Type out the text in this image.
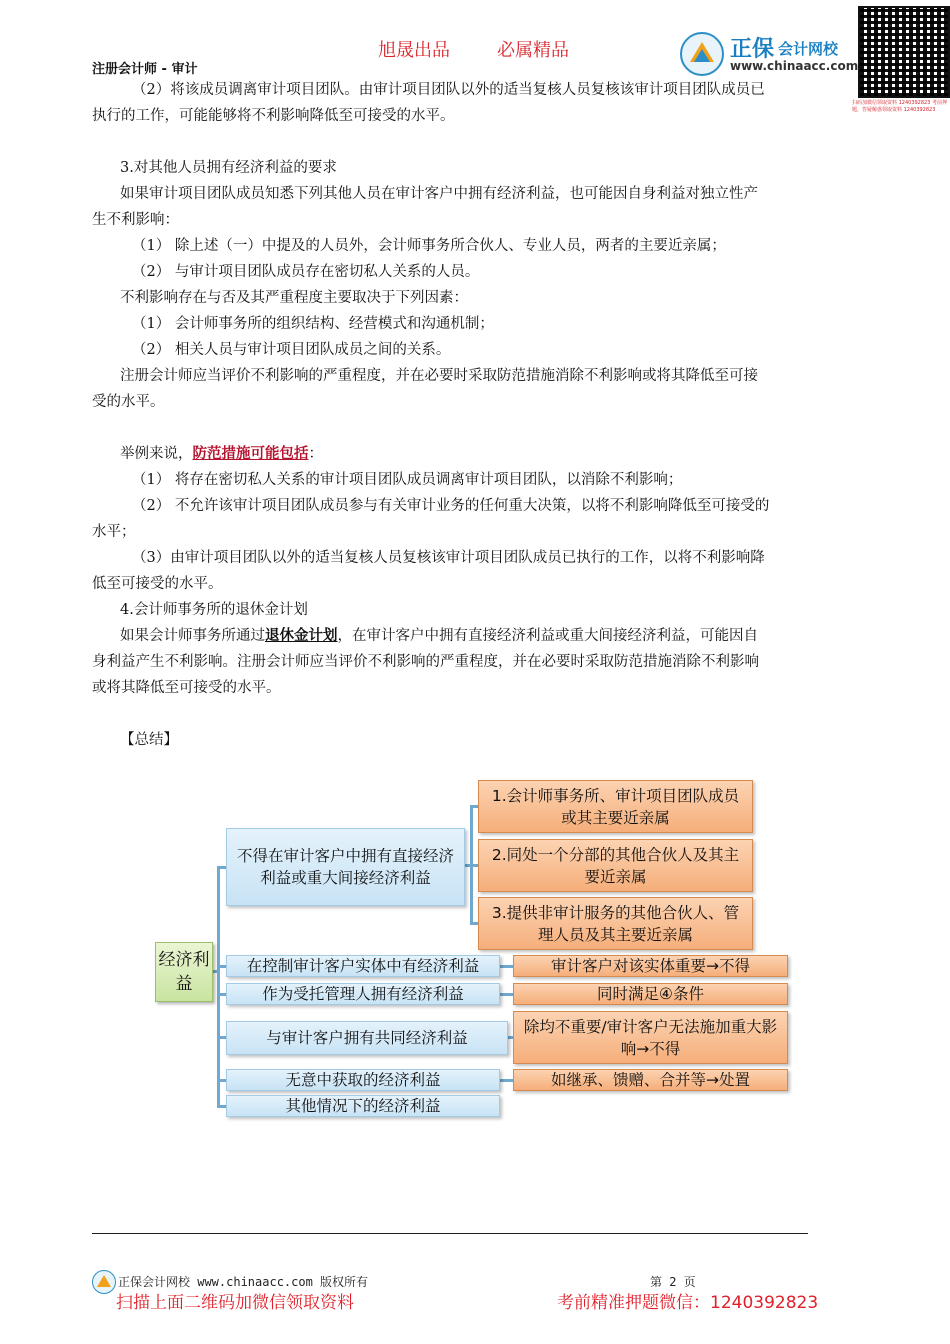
旭晟出品	必属精品
注册会计师 - 审计
正保 会计网校
www.chinaacc.com
扫码加微信领取资料 1240392823 考前押题，答疑解惑领取资料 1240392823
（2）将该成员调离审计项目团队。由审计项目团队以外的适当复核人员复核该审计项目团队成员已
执行的工作，可能能够将不利影响降低至可接受的水平。
3.对其他人员拥有经济利益的要求
如果审计项目团队成员知悉下列其他人员在审计客户中拥有经济利益，也可能因自身利益对独立性产
生不利影响：
（1） 除上述（一）中提及的人员外，会计师事务所合伙人、专业人员，两者的主要近亲属；
（2） 与审计项目团队成员存在密切私人关系的人员。
不利影响存在与否及其严重程度主要取决于下列因素：
（1） 会计师事务所的组织结构、经营模式和沟通机制；
（2） 相关人员与审计项目团队成员之间的关系。
注册会计师应当评价不利影响的严重程度，并在必要时采取防范措施消除不利影响或将其降低至可接
受的水平。
举例来说，防范措施可能包括：
（1） 将存在密切私人关系的审计项目团队成员调离审计项目团队，以消除不利影响；
（2） 不允许该审计项目团队成员参与有关审计业务的任何重大决策，以将不利影响降低至可接受的
水平；
（3）由审计项目团队以外的适当复核人员复核该审计项目团队成员已执行的工作，以将不利影响降
低至可接受的水平。
4.会计师事务所的退休金计划
如果会计师事务所通过退休金计划，在审计客户中拥有直接经济利益或重大间接经济利益，可能因自
身利益产生不利影响。注册会计师应当评价不利影响的严重程度，并在必要时采取防范措施消除不利影响
或将其降低至可接受的水平。
【总结】
经济利益
不得在审计客户中拥有直接经济利益或重大间接经济利益
1.会计师事务所、审计项目团队成员或其主要近亲属
2.同处一个分部的其他合伙人及其主要近亲属
3.提供非审计服务的其他合伙人、管理人员及其主要近亲属
在控制审计客户实体中有经济利益	审计客户对该实体重要→不得
作为受托管理人拥有经济利益	同时满足④条件
与审计客户拥有共同经济利益
除均不重要/审计客户无法施加重大影响→不得
无意中获取的经济利益	如继承、馈赠、合并等→处置
其他情况下的经济利益
正保会计网校 www.chinaacc.com 版权所有	第 2 页
扫描上面二维码加微信领取资料	考前精准押题微信：1240392823
